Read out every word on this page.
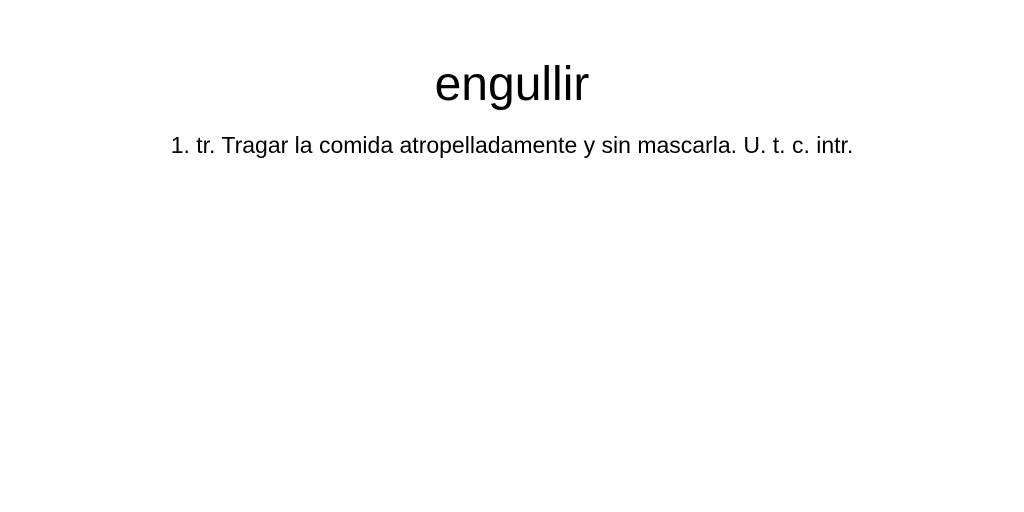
engullir

1. tr. Tragar la comida atropelladamente y sin mascarla. U. t. c. intr.
